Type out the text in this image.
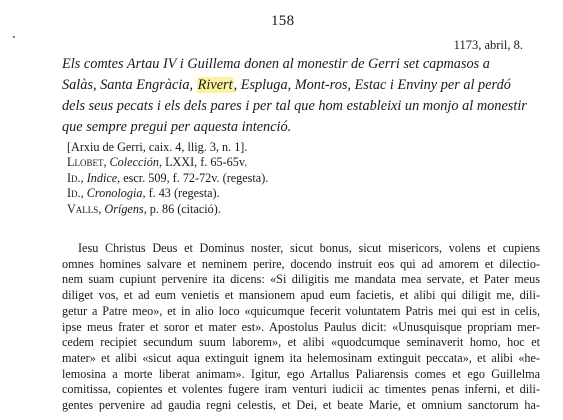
158
1173, abril, 8.
Els comtes Artau IV i Guillema donen al monestir de Gerri set capmasos a
Salàs, Santa Engràcia, Rivert, Espluga, Mont-ros, Estac i Enviny per al perdó
dels seus pecats i els dels pares i per tal que hom estableixi un monjo al monestir
que sempre pregui per aquesta intenció.
[Arxiu de Gerri, caix. 4, llig. 3, n. 1].
Llobet, Colección, LXXI, f. 65-65v.
Id., Indice, escr. 509, f. 72-72v. (regesta).
Id., Cronologia, f. 43 (regesta).
Valls, Orígens, p. 86 (citació).
Iesu Christus Deus et Dominus noster, sicut bonus, sicut misericors, volens et cupiens
omnes homines salvare et neminem perire, docendo instruit eos qui ad amorem et dilectio-
nem suam cupiunt pervenire ita dicens: «Si diligitis me mandata mea servate, et Pater meus
diliget vos, et ad eum venietis et mansionem apud eum facietis, et alibi qui diligit me, dili-
getur a Patre meo», et in alio loco «quicumque fecerit voluntatem Patris mei qui est in celis,
ipse meus frater et soror et mater est». Apostolus Paulus dicit: «Unusquisque propriam mer-
cedem recipiet secundum suum laborem», et alibi «quodcumque seminaverit homo, hoc et
mater» et alibi «sicut aqua extinguit ignem ita helemosinam extinguit peccata», et alibi «he-
lemosina a morte liberat animam». Igitur, ego Artallus Paliarensis comes et ego Guillelma
comitissa, copientes et volentes fugere iram venturi iudicii ac timentes penas inferni, et dili-
gentes pervenire ad gaudia regni celestis, et Dei, et beate Marie, et omnium sanctorum ha-
